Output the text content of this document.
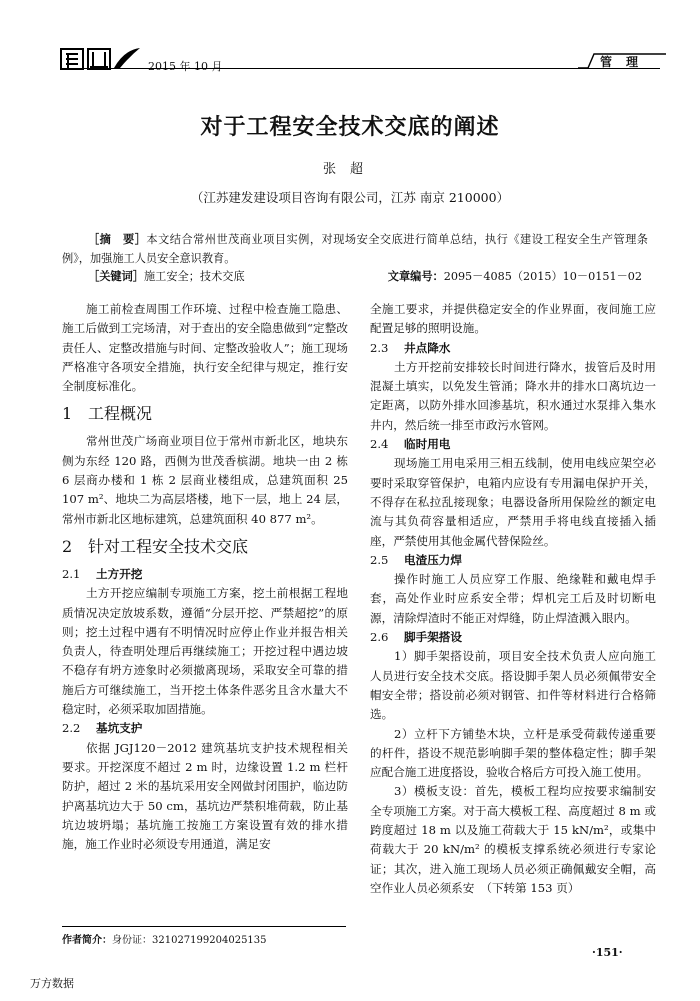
2015 年 10 月	管理
对于工程安全技术交底的阐述
张超
（江苏建发建设项目咨询有限公司，江苏 南京 210000）
［摘　要］本文结合常州世茂商业项目实例，对现场安全交底进行简单总结，执行《建设工程安全生产管理条例》，加强施工人员安全意识教育。
［关键词］施工安全；技术交底	文章编号：2095－4085（2015）10－0151－02

施工前检查周围工作环境、过程中检查施工隐患、施工后做到工完场清，对于查出的安全隐患做到“定整改责任人、定整改措施与时间、定整改验收人”；施工现场严格准守各项安全措施，执行安全纪律与规定，推行安全制度标准化。

1 工程概况

常州世茂广场商业项目位于常州市新北区，地块东侧为东经 120 路，西侧为世茂香槟湖。地块一由 2 栋 6 层商办楼和 1 栋 2 层商业楼组成，总建筑面积 25 107 m²、地块二为高层塔楼，地下一层，地上 24 层，常州市新北区地标建筑，总建筑面积 40 877 m²。

2 针对工程安全技术交底
2.1 土方开挖

土方开挖应编制专项施工方案，挖土前根据工程地质情况决定放坡系数，遵循“分层开挖、严禁超挖”的原则；挖土过程中遇有不明情况时应停止作业并报告相关负责人，待查明处理后再继续施工；开挖过程中遇边坡不稳存有坍方迹象时必须撤离现场，采取安全可靠的措施后方可继续施工，当开挖土体条件恶劣且含水量大不稳定时，必须采取加固措施。

2.2 基坑支护

依据 JGJ120－2012 建筑基坑支护技术规程相关要求。开挖深度不超过 2 m 时，边缘设置 1.2 m 栏杆防护，超过 2 米的基坑采用安全网做封闭围护，临边防护离基坑边大于 50 cm，基坑边严禁积堆荷载，防止基坑边坡坍塌；基坑施工按施工方案设置有效的排水措施，施工作业时必须设专用通道，满足安

全施工要求，并提供稳定安全的作业界面，夜间施工应配置足够的照明设施。

2.3 井点降水

土方开挖前安排较长时间进行降水，拔管后及时用混凝土填实，以免发生管涌；降水井的排水口离坑边一定距离，以防外排水回渗基坑，积水通过水泵排入集水井内，然后统一排至市政污水管网。

2.4 临时用电

现场施工用电采用三相五线制，使用电线应架空必要时采取穿管保护，电箱内应设有专用漏电保护开关，不得存在私拉乱接现象；电器设备所用保险丝的额定电流与其负荷容量相适应，严禁用手将电线直接插入插座，严禁使用其他金属代替保险丝。

2.5 电渣压力焊

操作时施工人员应穿工作服、绝缘鞋和戴电焊手套，高处作业时应系安全带；焊机完工后及时切断电源，清除焊渣时不能正对焊缝，防止焊渣溅入眼内。

2.6 脚手架搭设

1）脚手架搭设前，项目安全技术负责人应向施工人员进行安全技术交底。搭设脚手架人员必须佩带安全帽安全带；搭设前必须对钢管、扣件等材料进行合格筛选。

2）立杆下方铺垫木块，立杆是承受荷载传递重要的杆件，搭设不规范影响脚手架的整体稳定性；脚手架应配合施工进度搭设，验收合格后方可投入施工使用。

3）模板支设：首先，模板工程均应按要求编制安全专项施工方案。对于高大模板工程、高度超过 8 m 或跨度超过 18 m 以及施工荷载大于 15 kN/m²，或集中荷载大于 20 kN/m² 的模板支撑系统必须进行专家论证；其次，进入施工现场人员必须正确佩戴安全帽，高空作业人员必须系安 （下转第 153 页）

作者简介：身份证：321027199204025135
·151·
万方数据
